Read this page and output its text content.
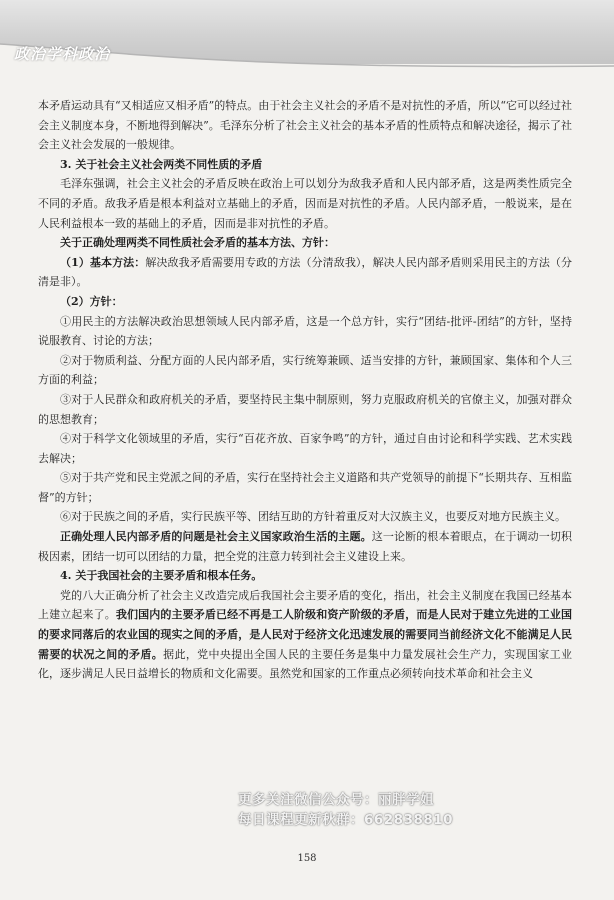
政治学科政治

本矛盾运动具有“又相适应又相矛盾”的特点。由于社会主义社会的矛盾不是对抗性的矛盾，所以“它可以经过社会主义制度本身，不断地得到解决”。毛泽东分析了社会主义社会的基本矛盾的性质特点和解决途径，揭示了社会主义社会发展的一般规律。

3. 关于社会主义社会两类不同性质的矛盾

毛泽东强调，社会主义社会的矛盾反映在政治上可以划分为敌我矛盾和人民内部矛盾，这是两类性质完全不同的矛盾。敌我矛盾是根本利益对立基础上的矛盾，因而是对抗性的矛盾。人民内部矛盾，一般说来，是在人民利益根本一致的基础上的矛盾，因而是非对抗性的矛盾。

关于正确处理两类不同性质社会矛盾的基本方法、方针：

（1）基本方法：解决敌我矛盾需要用专政的方法（分清敌我），解决人民内部矛盾则采用民主的方法（分清是非）。

（2）方针：

①用民主的方法解决政治思想领域人民内部矛盾，这是一个总方针，实行“团结-批评-团结”的方针，坚持说服教育、讨论的方法；

②对于物质利益、分配方面的人民内部矛盾，实行统筹兼顾、适当安排的方针，兼顾国家、集体和个人三方面的利益；

③对于人民群众和政府机关的矛盾，要坚持民主集中制原则，努力克服政府机关的官僚主义，加强对群众的思想教育；

④对于科学文化领域里的矛盾，实行“百花齐放、百家争鸣”的方针，通过自由讨论和科学实践、艺术实践去解决；

⑤对于共产党和民主党派之间的矛盾，实行在坚持社会主义道路和共产党领导的前提下“长期共存、互相监督”的方针；

⑥对于民族之间的矛盾，实行民族平等、团结互助的方针着重反对大汉族主义，也要反对地方民族主义。

正确处理人民内部矛盾的问题是社会主义国家政治生活的主题。这一论断的根本着眼点，在于调动一切积极因素，团结一切可以团结的力量，把全党的注意力转到社会主义建设上来。

4. 关于我国社会的主要矛盾和根本任务。

党的八大正确分析了社会主义改造完成后我国社会主要矛盾的变化，指出，社会主义制度在我国已经基本上建立起来了。我们国内的主要矛盾已经不再是工人阶级和资产阶级的矛盾，而是人民对于建立先进的工业国的要求同落后的农业国的现实之间的矛盾，是人民对于经济文化迅速发展的需要同当前经济文化不能满足人民需要的状况之间的矛盾。据此，党中央提出全国人民的主要任务是集中力量发展社会生产力，实现国家工业化，逐步满足人民日益增长的物质和文化需要。虽然党和国家的工作重点必须转向技术革命和社会主义

更多关注微信公众号：丽胖学姐
每日课程更新秋群：662838810
158
